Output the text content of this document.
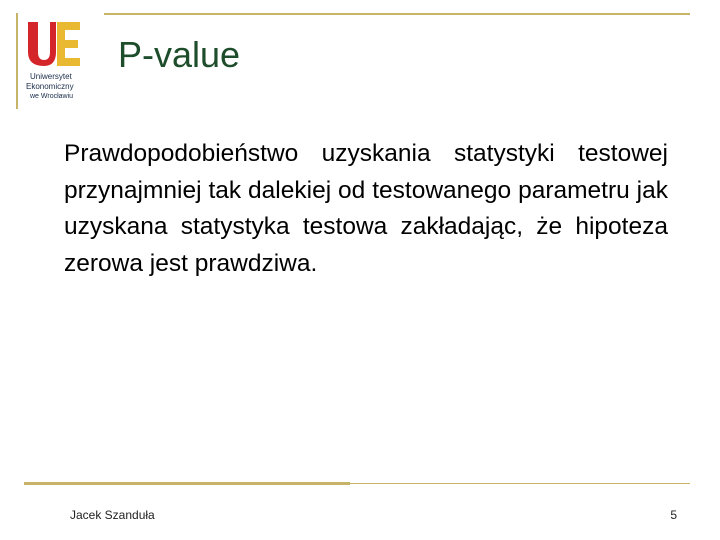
Uniwersytet
Ekonomiczny
we Wrocławiu
P-value
Prawdopodobieństwo uzyskania statystyki testowej przynajmniej tak dalekiej od testowanego parametru jak uzyskana statystyka testowa zakładając, że hipoteza zerowa jest prawdziwa.
Jacek Szanduła	5
